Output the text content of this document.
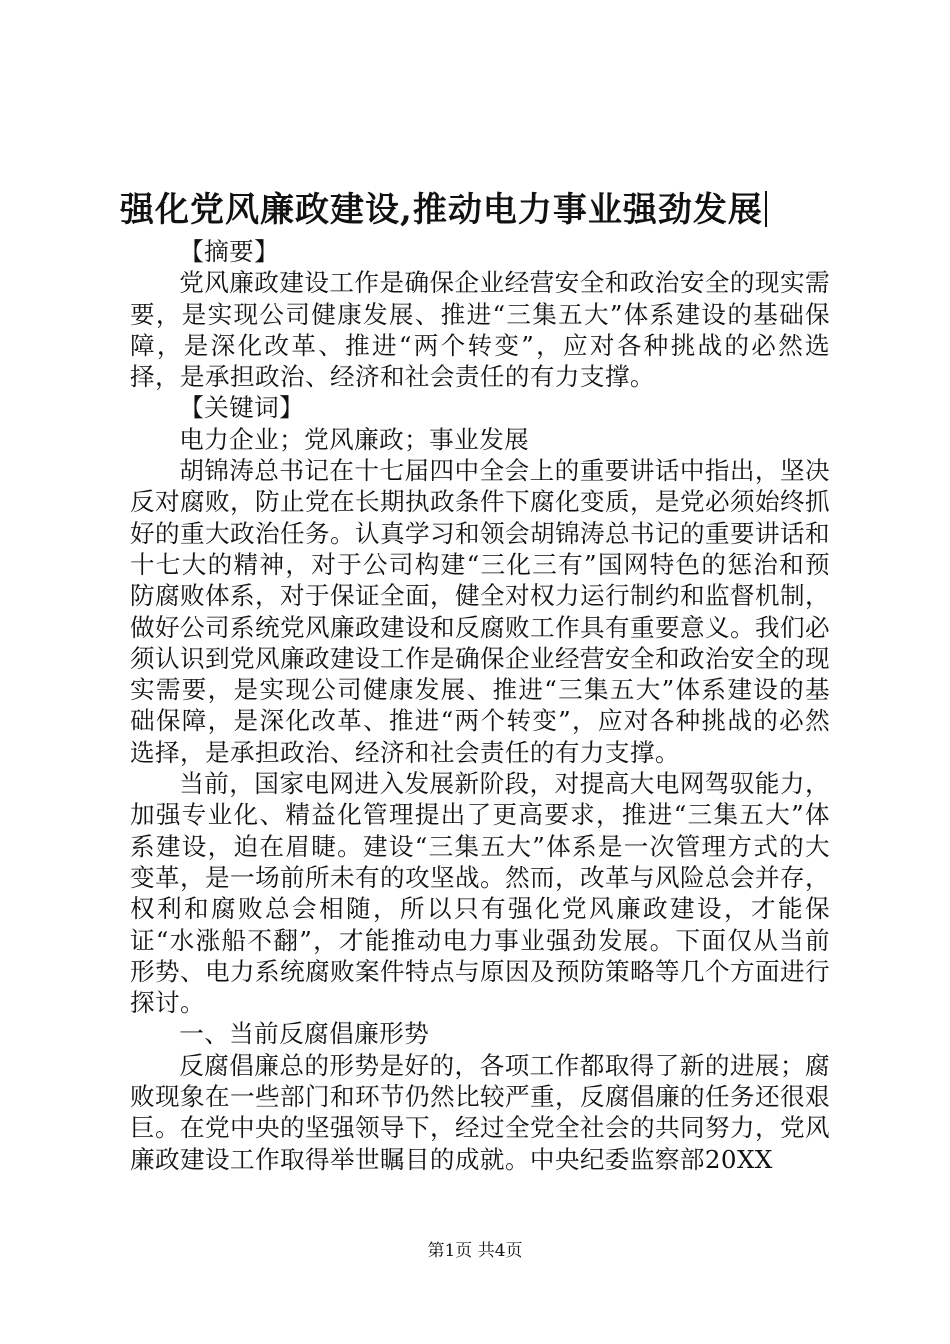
强化党风廉政建设,推动电力事业强劲发展

【摘要】

党风廉政建设工作是确保企业经营安全和政治安全的现实需要，是实现公司健康发展、推进“三集五大”体系建设的基础保障，是深化改革、推进“两个转变”，应对各种挑战的必然选择，是承担政治、经济和社会责任的有力支撑。

【关键词】

电力企业；党风廉政；事业发展

胡锦涛总书记在十七届四中全会上的重要讲话中指出，坚决反对腐败，防止党在长期执政条件下腐化变质，是党必须始终抓好的重大政治任务。认真学习和领会胡锦涛总书记的重要讲话和十七大的精神，对于公司构建“三化三有”国网特色的惩治和预防腐败体系，对于保证全面，健全对权力运行制约和监督机制，做好公司系统党风廉政建设和反腐败工作具有重要意义。我们必须认识到党风廉政建设工作是确保企业经营安全和政治安全的现实需要，是实现公司健康发展、推进“三集五大”体系建设的基础保障，是深化改革、推进“两个转变”，应对各种挑战的必然选择，是承担政治、经济和社会责任的有力支撑。

当前，国家电网进入发展新阶段，对提高大电网驾驭能力，加强专业化、精益化管理提出了更高要求，推进“三集五大”体系建设，迫在眉睫。建设“三集五大”体系是一次管理方式的大变革，是一场前所未有的攻坚战。然而，改革与风险总会并存，权利和腐败总会相随，所以只有强化党风廉政建设，才能保证“水涨船不翻”，才能推动电力事业强劲发展。下面仅从当前形势、电力系统腐败案件特点与原因及预防策略等几个方面进行探讨。

一、当前反腐倡廉形势

反腐倡廉总的形势是好的，各项工作都取得了新的进展；腐败现象在一些部门和环节仍然比较严重，反腐倡廉的任务还很艰巨。在党中央的坚强领导下，经过全党全社会的共同努力，党风廉政建设工作取得举世瞩目的成就。中央纪委监察部20XX

第1页 共4页
